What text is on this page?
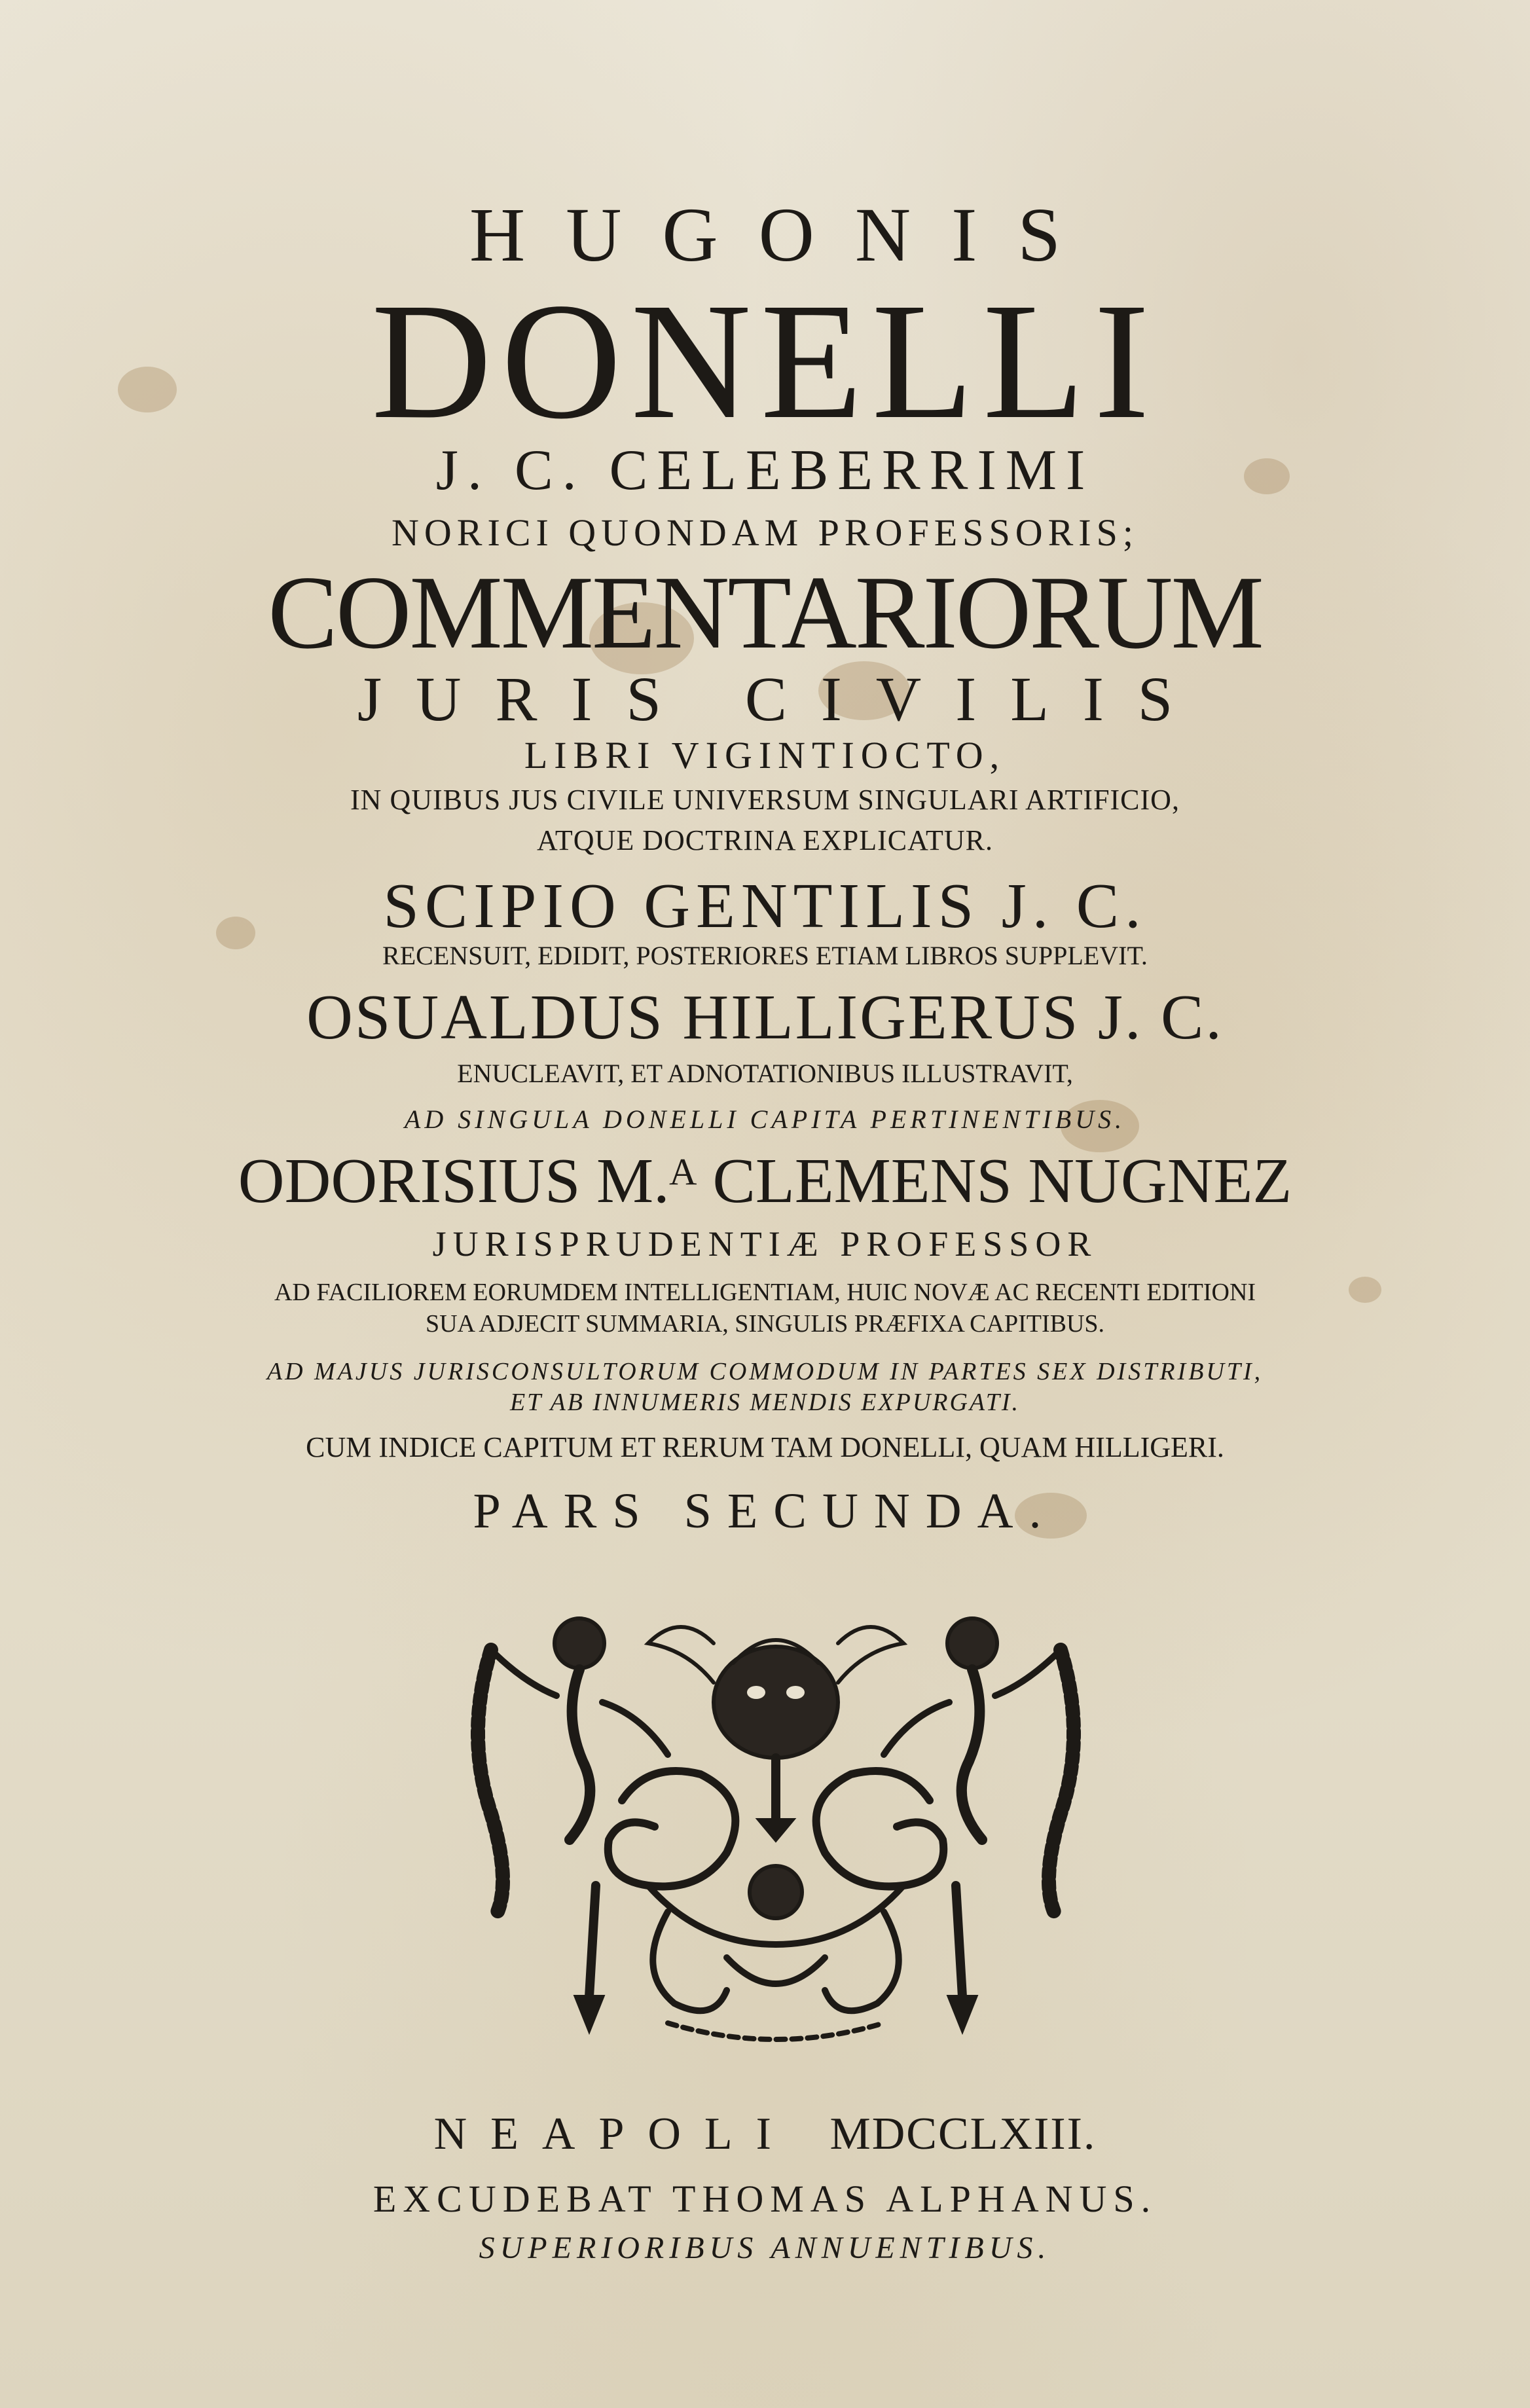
HUGONIS
DONELLI
J. C. CELEBERRIMI
NORICI QUONDAM PROFESSORIS;
COMMENTARIORUM
JURIS CIVILIS
LIBRI VIGINTIOCTO,
IN QUIBUS JUS CIVILE UNIVERSUM SINGULARI ARTIFICIO,
ATQUE DOCTRINA EXPLICATUR.
SCIPIO GENTILIS J. C.
RECENSUIT, EDIDIT, POSTERIORES ETIAM LIBROS SUPPLEVIT.
OSUALDUS HILLIGERUS J. C.
ENUCLEAVIT, ET ADNOTATIONIBUS ILLUSTRAVIT,
AD SINGULA DONELLI CAPITA PERTINENTIBUS.
ODORISIUS M.ᴬ CLEMENS NUGNEZ
JURISPRUDENTIÆ PROFESSOR
AD FACILIOREM EORUMDEM INTELLIGENTIAM, HUIC NOVÆ AC RECENTI EDITIONI
SUA ADJECIT SUMMARIA, SINGULIS PRÆFIXA CAPITIBUS.
AD MAJUS JURISCONSULTORUM COMMODUM IN PARTES SEX DISTRIBUTI,
ET AB INNUMERIS MENDIS EXPURGATI.
CUM INDICE CAPITUM ET RERUM TAM DONELLI, QUAM HILLIGERI.
PARS SECUNDA.
NEAPOLI MDCCLXIII.
EXCUDEBAT THOMAS ALPHANUS.
SUPERIORIBUS ANNUENTIBUS.
